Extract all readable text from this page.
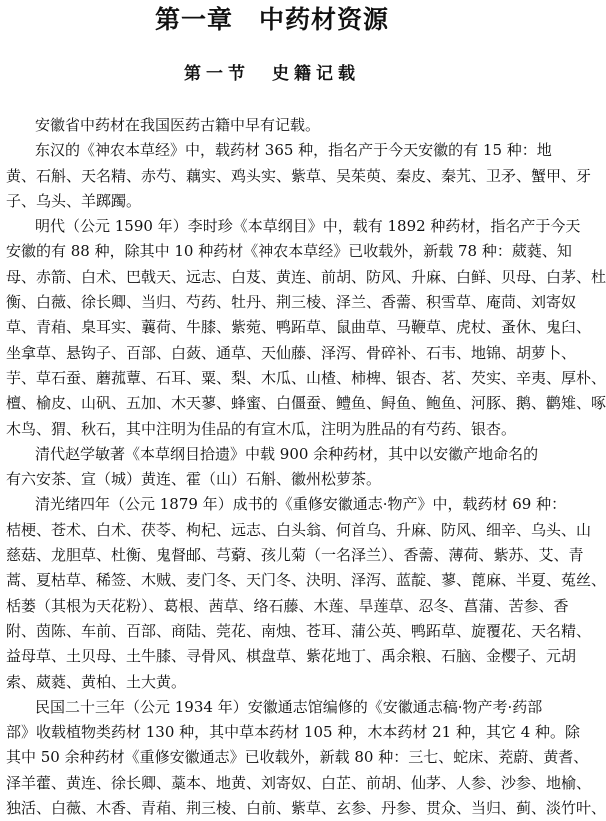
第一章　中药材资源
第一节　史籍记载
安徽省中药材在我国医药古籍中早有记载。
东汉的《神农本草经》中，载药材 365 种，指名产于今天安徽的有 15 种：地
黄、石斛、天名精、赤芍、藕实、鸡头实、紫草、吴茱萸、秦皮、秦艽、卫矛、蟹甲、牙
子、乌头、羊踯躅。
明代（公元 1590 年）李时珍《本草纲目》中，载有 1892 种药材，指名产于今天
安徽的有 88 种，除其中 10 种药材《神农本草经》已收载外，新载 78 种：葳蕤、知
母、赤箭、白术、巴戟天、远志、白芨、黄连、前胡、防风、升麻、白鲜、贝母、白茅、杜
衡、白薇、徐长卿、当归、芍药、牡丹、荆三棱、泽兰、香薷、积雪草、庵茼、刘寄奴
草、青葙、臬耳实、蘘荷、牛膝、紫菀、鸭跖草、鼠曲草、马鞭草、虎杖、蚤休、鬼臼、
坐拿草、悬钩子、百部、白蔹、通草、天仙藤、泽泻、骨碎补、石韦、地锦、胡萝卜、
芋、草石蚕、蘑菰蕈、石耳、粟、梨、木瓜、山楂、柿椑、银杏、茗、芡实、辛夷、厚朴、
檀、榆皮、山矾、五加、木天蓼、蜂蜜、白僵蚕、鳢鱼、鲟鱼、鲍鱼、河豚、鹅、鹳雉、啄
木鸟、猬、秋石，其中注明为佳品的有宣木瓜，注明为胜品的有芍药、银杏。
清代赵学敏著《本草纲目拾遗》中载 900 余种药材，其中以安徽产地命名的
有六安茶、宣（城）黄连、霍（山）石斛、徽州松萝茶。
清光绪四年（公元 1879 年）成书的《重修安徽通志·物产》中，载药材 69 种：
桔梗、苍术、白术、茯苓、枸杞、远志、白头翁、何首乌、升麻、防风、细辛、乌头、山
慈菇、龙胆草、杜衡、鬼督邮、芎藭、孩儿菊（一名泽兰）、香薷、薄荷、紫苏、艾、青
蒿、夏枯草、稀签、木贼、麦门冬、天门冬、決明、泽泻、蓝靛、蓼、蓖麻、半夏、菟丝、
栝蒌（其根为天花粉）、葛根、茜草、络石藤、木莲、旱莲草、忍冬、菖蒲、苦参、香
附、茵陈、车前、百部、商陆、莞花、南烛、苍耳、蒲公英、鸭跖草、旋覆花、天名精、
益母草、土贝母、土牛膝、寻骨风、棋盘草、紫花地丁、禹余粮、石脑、金樱子、元胡
索、葳蕤、黄柏、土大黄。
民国二十三年（公元 1934 年）安徽通志馆编修的《安徽通志稿·物产考·药部
部》收载植物类药材 130 种，其中草本药材 105 种，木本药材 21 种，其它 4 种。除
其中 50 余种药材《重修安徽通志》已收载外，新载 80 种：三七、蛇床、茺蔚、黄耆、
泽羊藿、黄连、徐长卿、藁本、地黄、刘寄奴、白芷、前胡、仙茅、人参、沙参、地榆、
独活、白薇、木香、青葙、荆三棱、白前、紫草、玄参、丹参、贯众、当归、蓟、淡竹叶、
